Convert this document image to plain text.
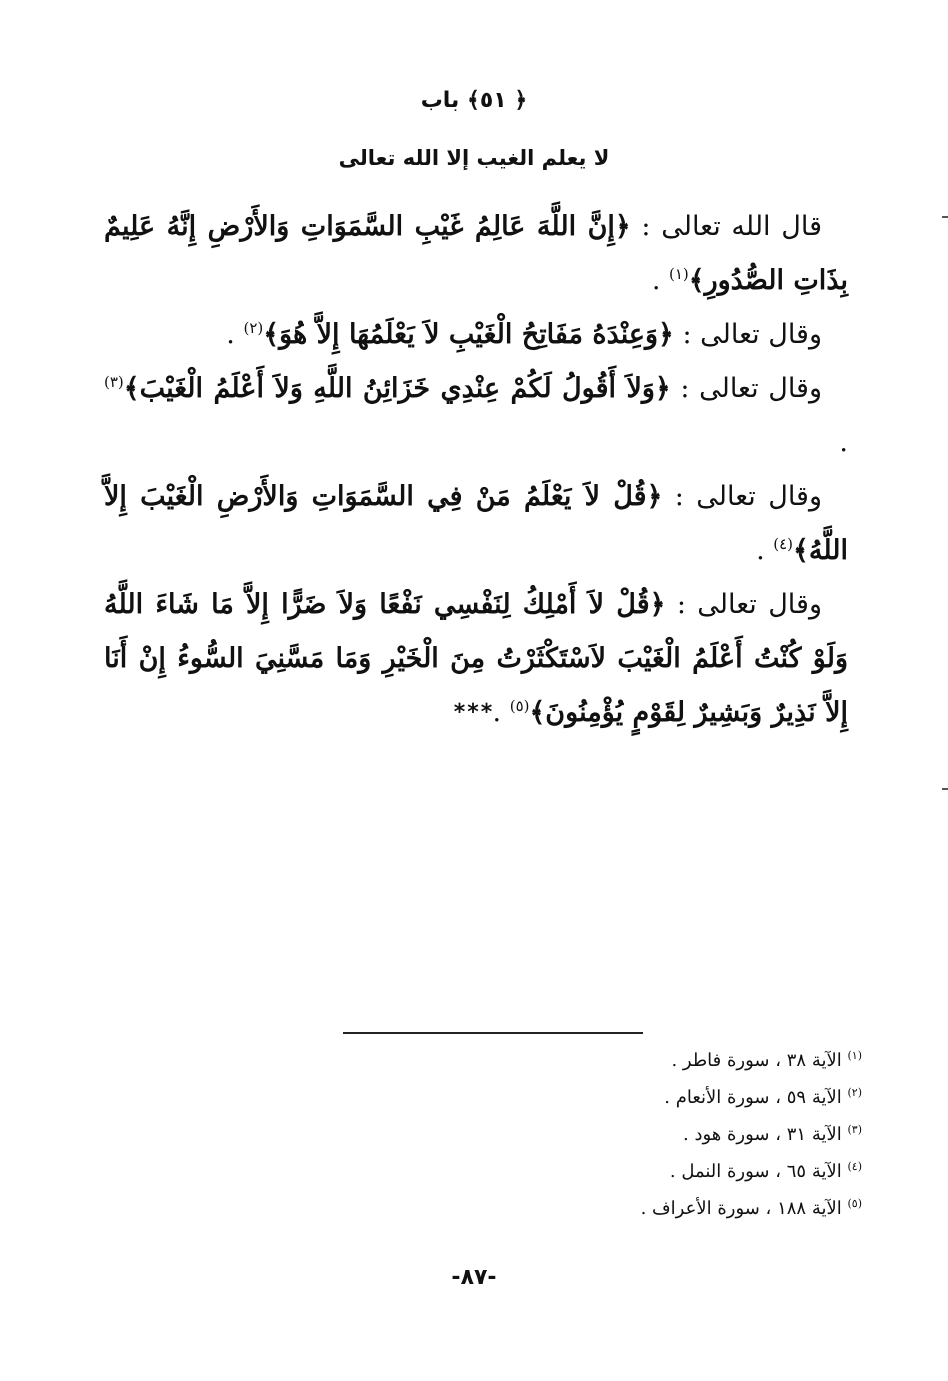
﴿ ٥١﴾ باب
لا يعلم الغيب إلا الله تعالى

قال الله تعالى : ﴿إِنَّ اللَّهَ عَالِمُ غَيْبِ السَّمَوَاتِ وَالأَرْضِ إِنَّهُ عَلِيمٌ بِذَاتِ الصُّدُورِ﴾$^{(١)}$ .

وقال تعالى : ﴿وَعِنْدَهُ مَفَاتِحُ الْغَيْبِ لاَ يَعْلَمُهَا إِلاَّ هُوَ﴾$^{(٢)}$ .

وقال تعالى : ﴿وَلاَ أَقُولُ لَكُمْ عِنْدِي خَزَائِنُ اللَّهِ وَلاَ أَعْلَمُ الْغَيْبَ﴾$^{(٣)}$ .

وقال تعالى : ﴿قُلْ لاَ يَعْلَمُ مَنْ فِي السَّمَوَاتِ وَالأَرْضِ الْغَيْبَ إِلاَّ اللَّهُ﴾$^{(٤)}$ .

وقال تعالى : ﴿قُلْ لاَ أَمْلِكُ لِنَفْسِي نَفْعًا وَلاَ ضَرًّا إِلاَّ مَا شَاءَ اللَّهُ وَلَوْ كُنْتُ أَعْلَمُ الْغَيْبَ لاَسْتَكْثَرْتُ مِنَ الْخَيْرِ وَمَا مَسَّنِيَ السُّوءُ إِنْ أَنَا إِلاَّ نَذِيرٌ وَبَشِيرٌ لِقَوْمٍ يُؤْمِنُونَ﴾$^{(٥)}$ .

***
$^{(١)}$ الآية ٣٨ ، سورة فاطر .
$^{(٢)}$ الآية ٥٩ ، سورة الأنعام .
$^{(٣)}$ الآية ٣١ ، سورة هود .
$^{(٤)}$ الآية ٦٥ ، سورة النمل .
$^{(٥)}$ الآية ١٨٨ ، سورة الأعراف .
-٨٧-
